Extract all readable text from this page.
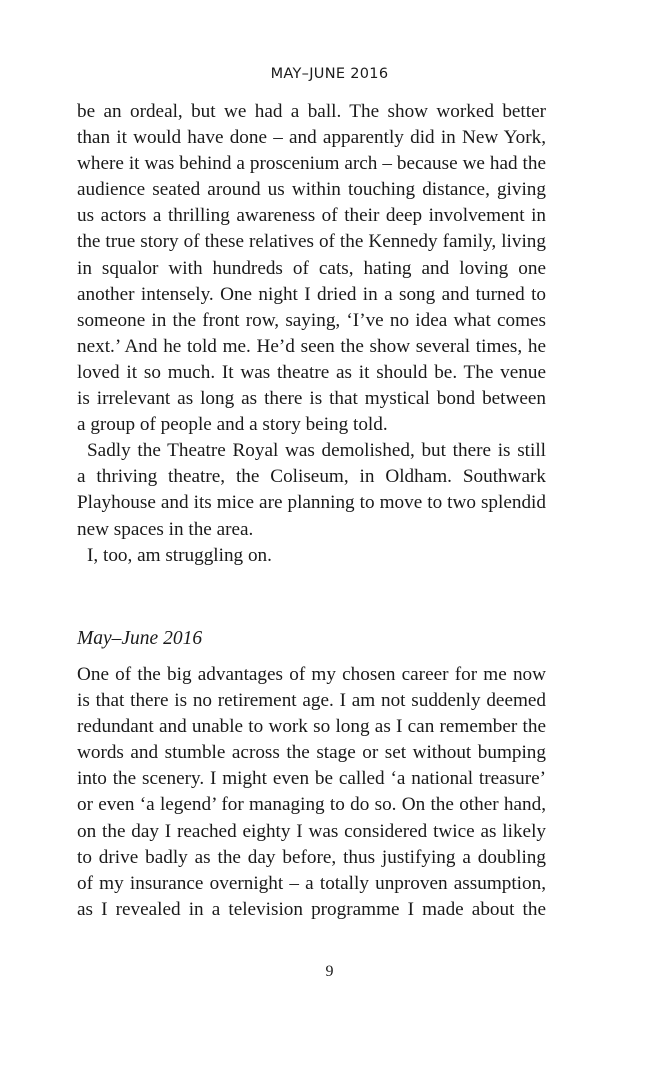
MAY–JUNE 2016
be an ordeal, but we had a ball. The show worked better
than it would have done – and apparently did in New York,
where it was behind a proscenium arch – because we had the
audience seated around us within touching distance, giving
us actors a thrilling awareness of their deep involvement in
the true story of these relatives of the Kennedy family, living
in squalor with hundreds of cats, hating and loving one
another intensely. One night I dried in a song and turned to
someone in the front row, saying, ‘I’ve no idea what comes
next.’ And he told me. He’d seen the show several times, he
loved it so much. It was theatre as it should be. The venue
is irrelevant as long as there is that mystical bond between
a group of people and a story being told.
Sadly the Theatre Royal was demolished, but there is still
a thriving theatre, the Coliseum, in Oldham. Southwark
Playhouse and its mice are planning to move to two splendid
new spaces in the area.
I, too, am struggling on.
May–June 2016
One of the big advantages of my chosen career for me now
is that there is no retirement age. I am not suddenly deemed
redundant and unable to work so long as I can remember the
words and stumble across the stage or set without bumping
into the scenery. I might even be called ‘a national treasure’
or even ‘a legend’ for managing to do so. On the other hand,
on the day I reached eighty I was considered twice as likely
to drive badly as the day before, thus justifying a doubling
of my insurance overnight – a totally unproven assumption,
as I revealed in a television programme I made about the
9
